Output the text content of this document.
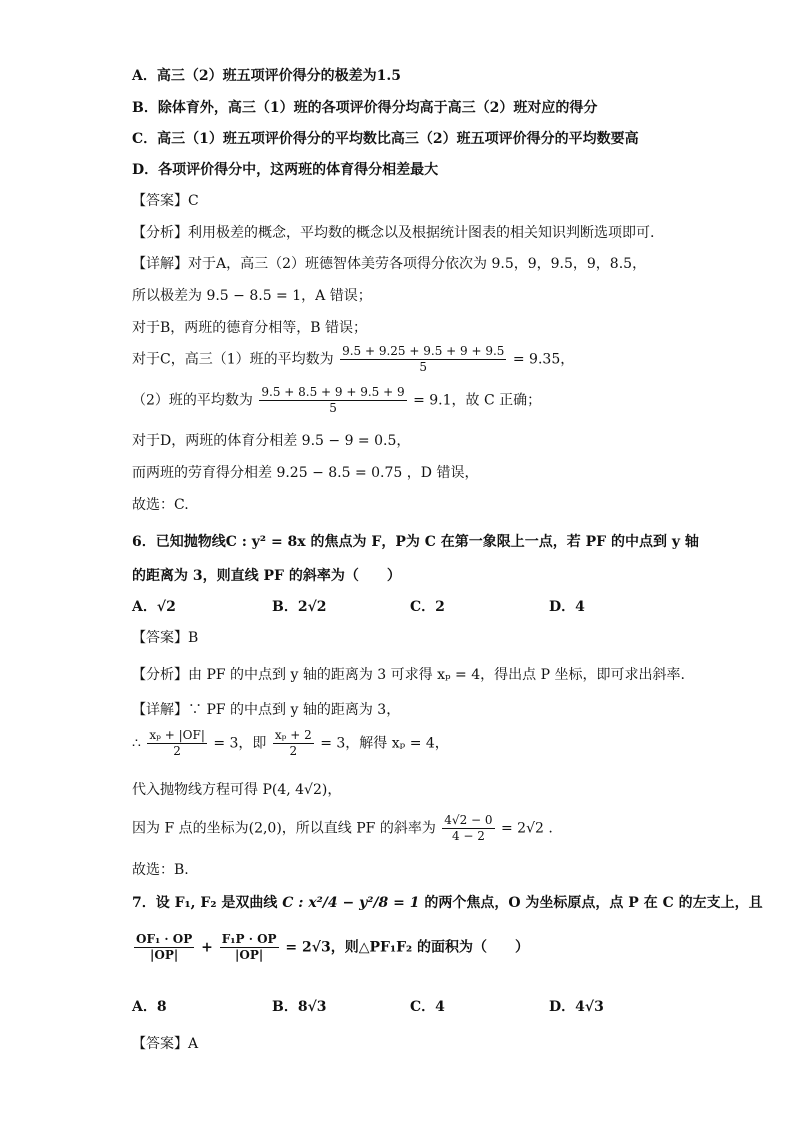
A．高三（2）班五项评价得分的极差为1.5
B．除体育外，高三（1）班的各项评价得分均高于高三（2）班对应的得分
C．高三（1）班五项评价得分的平均数比高三（2）班五项评价得分的平均数要高
D．各项评价得分中，这两班的体育得分相差最大
【答案】C
【分析】利用极差的概念，平均数的概念以及根据统计图表的相关知识判断选项即可.
【详解】对于A，高三（2）班德智体美劳各项得分依次为 9.5，9，9.5，9，8.5，
所以极差为 9.5 − 8.5 = 1，A 错误；
对于B，两班的德育分相等，B 错误；
对于C，高三（1）班的平均数为 $\frac{9.5 + 9.25 + 9.5 + 9 + 9.5}{5} = 9.35$，
（2）班的平均数为 $\frac{9.5 + 8.5 + 9 + 9.5 + 9}{5} = 9.1$，故 C 正确；
对于D，两班的体育分相差 9.5 − 9 = 0.5，
而两班的劳育得分相差 9.25 − 8.5 = 0.75 ，D 错误，
故选：C.
6．已知抛物线C : y² = 8x 的焦点为 F，P为 C 在第一象限上一点，若 PF 的中点到 y 轴
的距离为 3，则直线 PF 的斜率为（　　）
A．√2	B．2√2	C．2	D．4
【答案】B
【分析】由 PF 的中点到 y 轴的距离为 3 可求得 xₚ = 4，得出点 P 坐标，即可求出斜率.
【详解】∵ PF 的中点到 y 轴的距离为 3，
∴ $\frac{\text{xₚ + |OF|}}{2} = 3$，即 $\frac{\text{xₚ + 2}}{2} = 3$，解得 xₚ = 4，
代入抛物线方程可得 P(4, 4√2)，
因为 F 点的坐标为(2,0)，所以直线 PF 的斜率为 $\frac{4√2 - 0}{4 - 2} = 2√2$ .
故选：B.
7．设 F₁, F₂ 是双曲线 C : x²/4 − y²/8 = 1 的两个焦点，O 为坐标原点，点 P 在 C 的左支上，且
$\frac{\text{OF₁ · OP}}{|OP|} + \frac{\text{F₁P · OP}}{|OP|} = 2√3$，则△PF₁F₂ 的面积为（　　）
A．8	B．8√3	C．4	D．4√3
【答案】A
